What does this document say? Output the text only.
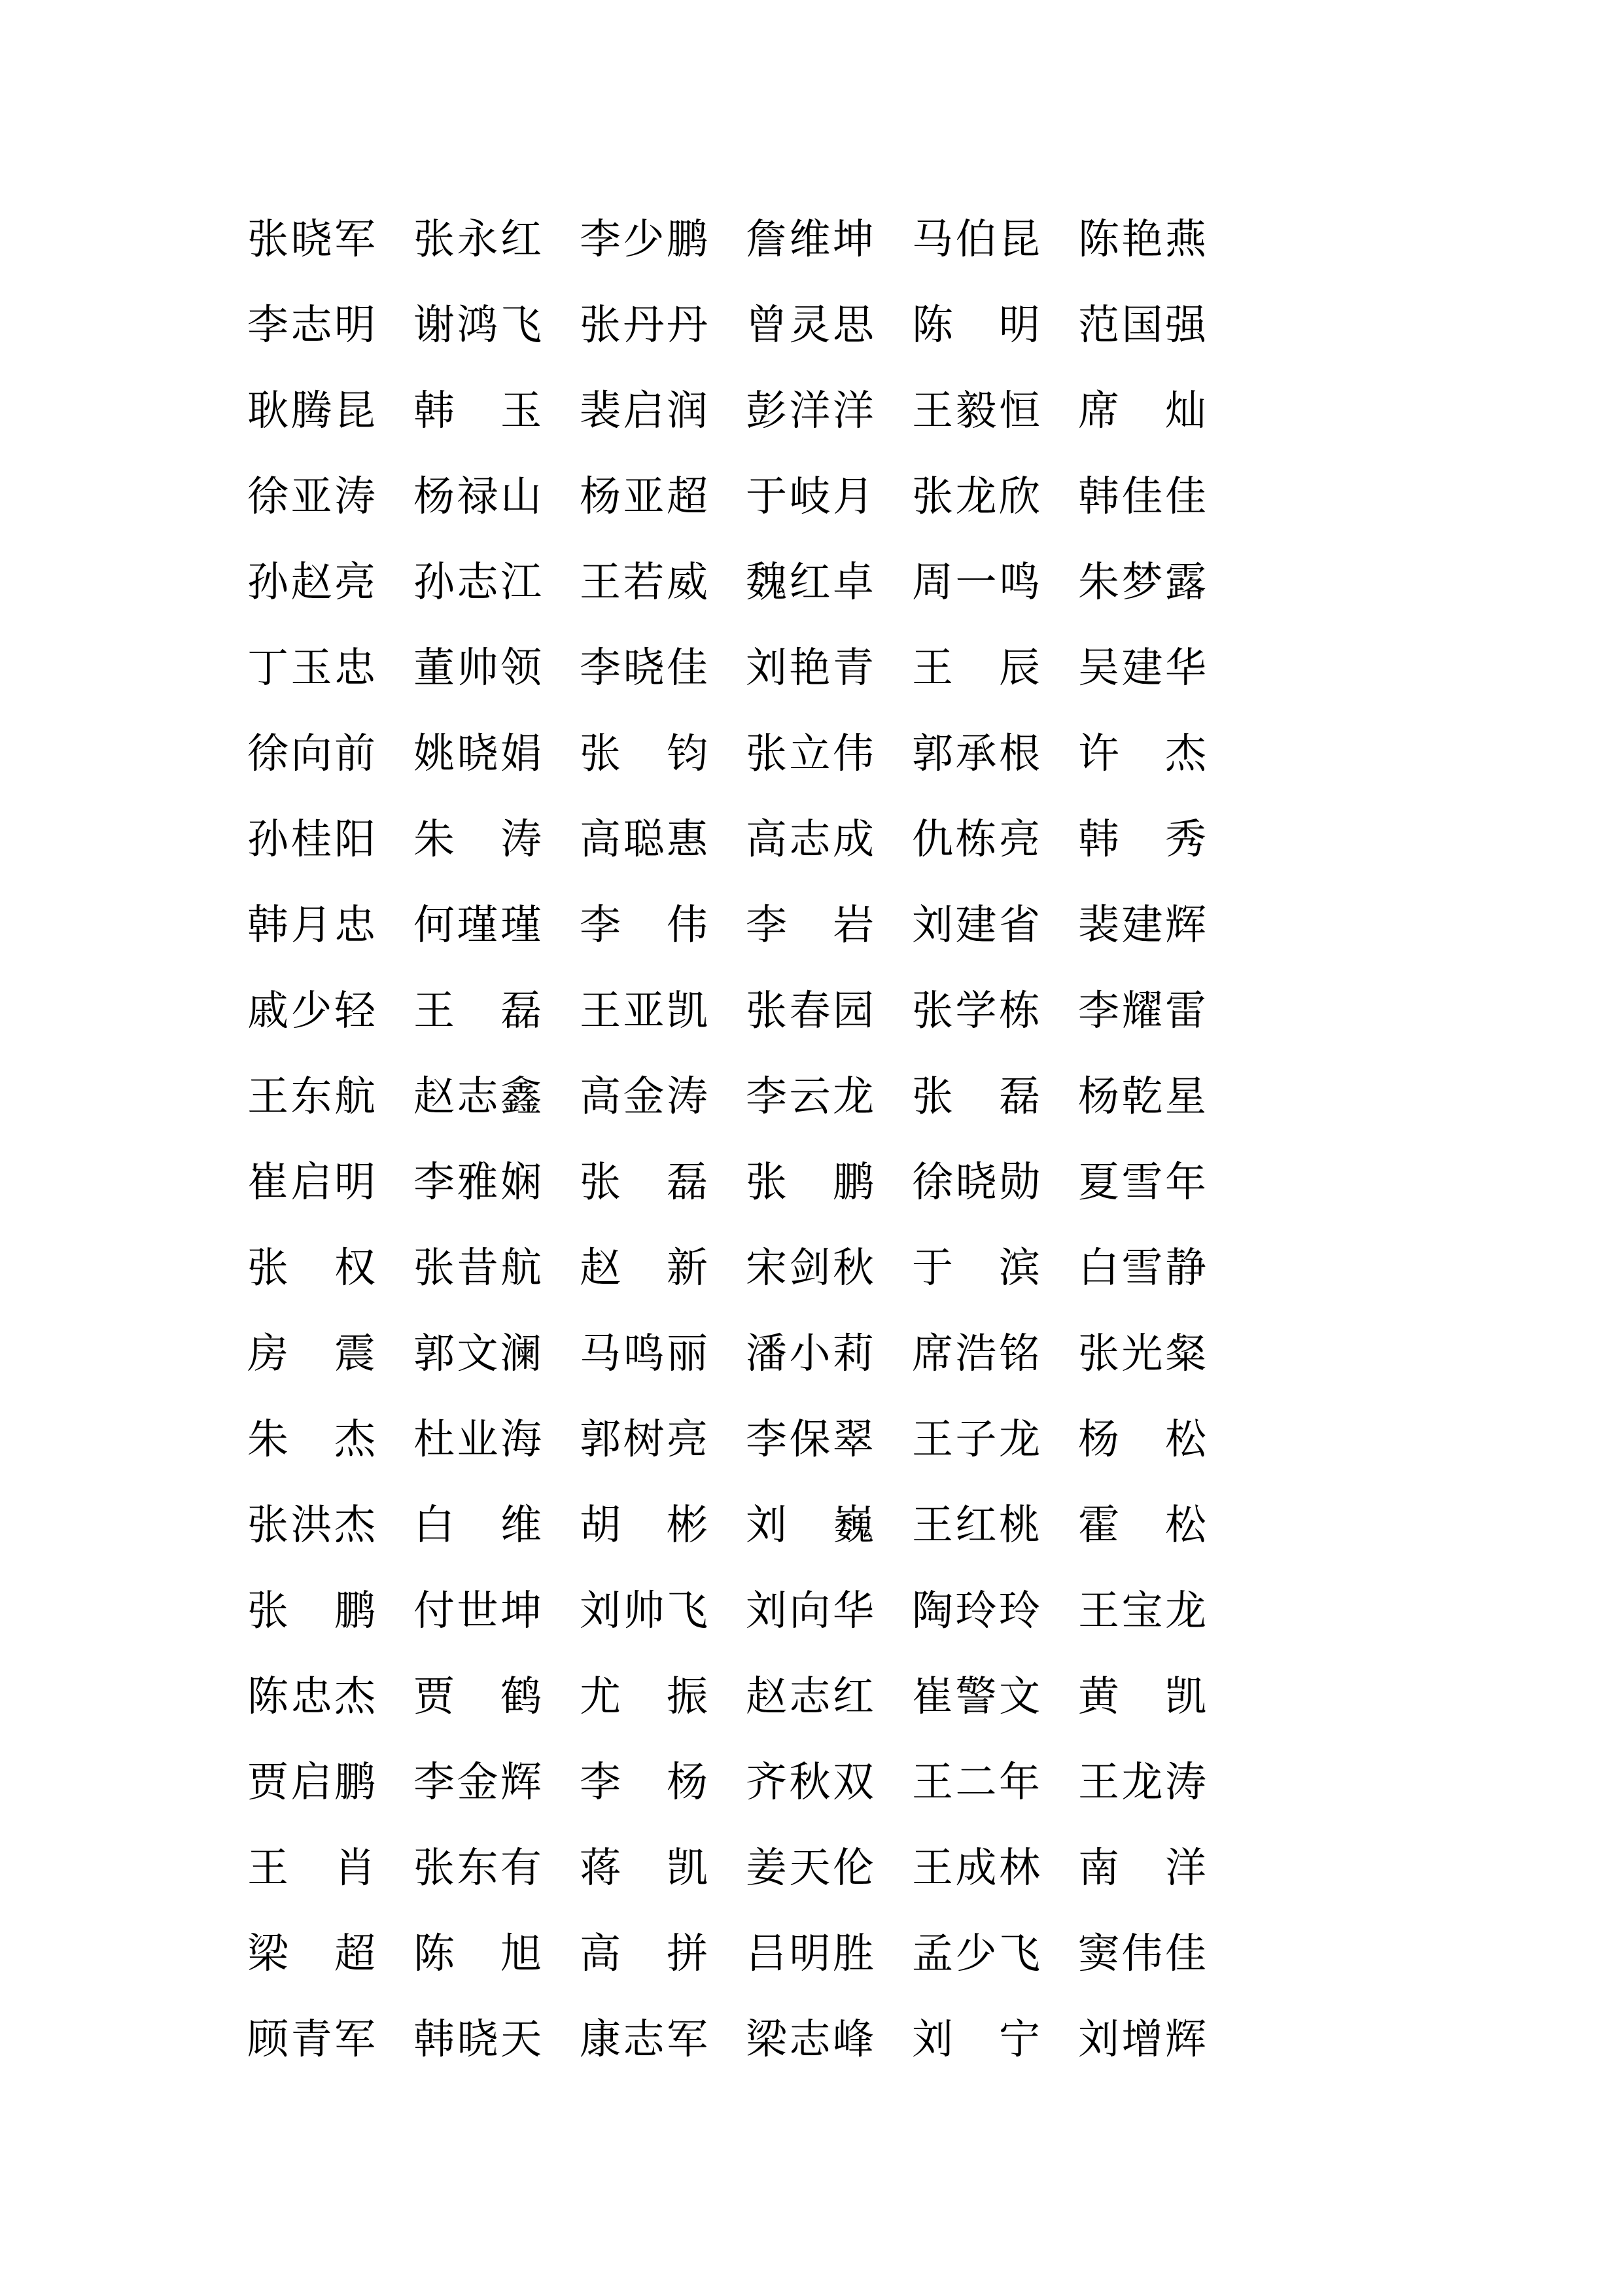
张 晓 军 张 永 红 李 少 鹏 詹 维 坤 马 伯 昆 陈 艳 燕
李 志 明 谢 鸿 飞 张 丹 丹 曾 灵 思 陈 明 范 国 强
耿 腾 昆 韩 玉 裴 启 润 彭 洋 洋 王 毅 恒 席 灿
徐 亚 涛 杨 禄 山 杨 亚 超 于 岐 月 张 龙 欣 韩 佳 佳
孙 赵 亮 孙 志 江 王 若 威 魏 红 卓 周 一 鸣 朱 梦 露
丁 玉 忠 董 帅 领 李 晓 佳 刘 艳 青 王 辰 吴 建 华
徐 向 前 姚 晓 娟 张 钧 张 立 伟 郭 承 根 许 杰
孙 桂 阳 朱 涛 高 聪 惠 高 志 成 仇 栋 亮 韩 秀
韩 月 忠 何 瑾 瑾 李 伟 李 岩 刘 建 省 裴 建 辉
戚 少 轻 王 磊 王 亚 凯 张 春 园 张 学 栋 李 耀 雷
王 东 航 赵 志 鑫 高 金 涛 李 云 龙 张 磊 杨 乾 星
崔 启 明 李 雅 娴 张 磊 张 鹏 徐 晓 勋 夏 雪 年
张 权 张 昔 航 赵 新 宋 剑 秋 于 滨 白 雪 静
房 震 郭 文 澜 马 鸣 丽 潘 小 莉 席 浩 铭 张 光 粲
朱 杰 杜 业 海 郭 树 亮 李 保 翠 王 子 龙 杨 松
张 洪 杰 白 维 胡 彬 刘 巍 王 红 桃 霍 松
张 鹏 付 世 坤 刘 帅 飞 刘 向 华 陶 玲 玲 王 宝 龙
陈 忠 杰 贾 鹤 尤 振 赵 志 红 崔 警 文 黄 凯
贾 启 鹏 李 金 辉 李 杨 齐 秋 双 王 二 年 王 龙 涛
王 肖 张 东 有 蒋 凯 姜 天 伦 王 成 林 南 洋
梁 超 陈 旭 高 拼 吕 明 胜 孟 少 飞 窦 伟 佳
顾 青 军 韩 晓 天 康 志 军 梁 志 峰 刘 宁 刘 增 辉
